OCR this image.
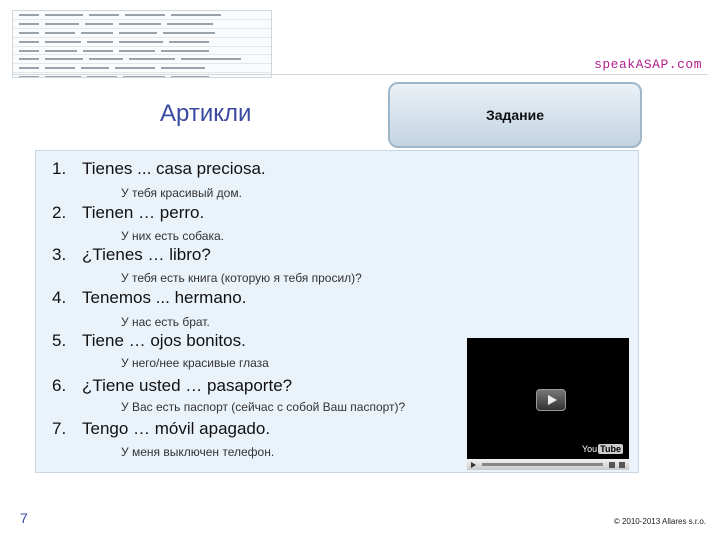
speakASAP.com
Артикли	Задание
1. Tienes ... casa preciosa.
У тебя красивый дом.
2. Tienen … perro.
У них есть собака.
3. ¿Tienes … libro?
У тебя есть книга (которую я тебя просил)?
4. Tenemos ... hermano.
У нас есть брат.
5. Tiene … ojos bonitos.
У него/нее красивые глаза
6. ¿Tiene usted … pasaporte?
У Вас есть паспорт (сейчас с собой Ваш паспорт)?
7. Tengo … móvil apagado.
У меня выключен телефон.	You Tube
7	© 2010-2013 Allares s.r.o.
